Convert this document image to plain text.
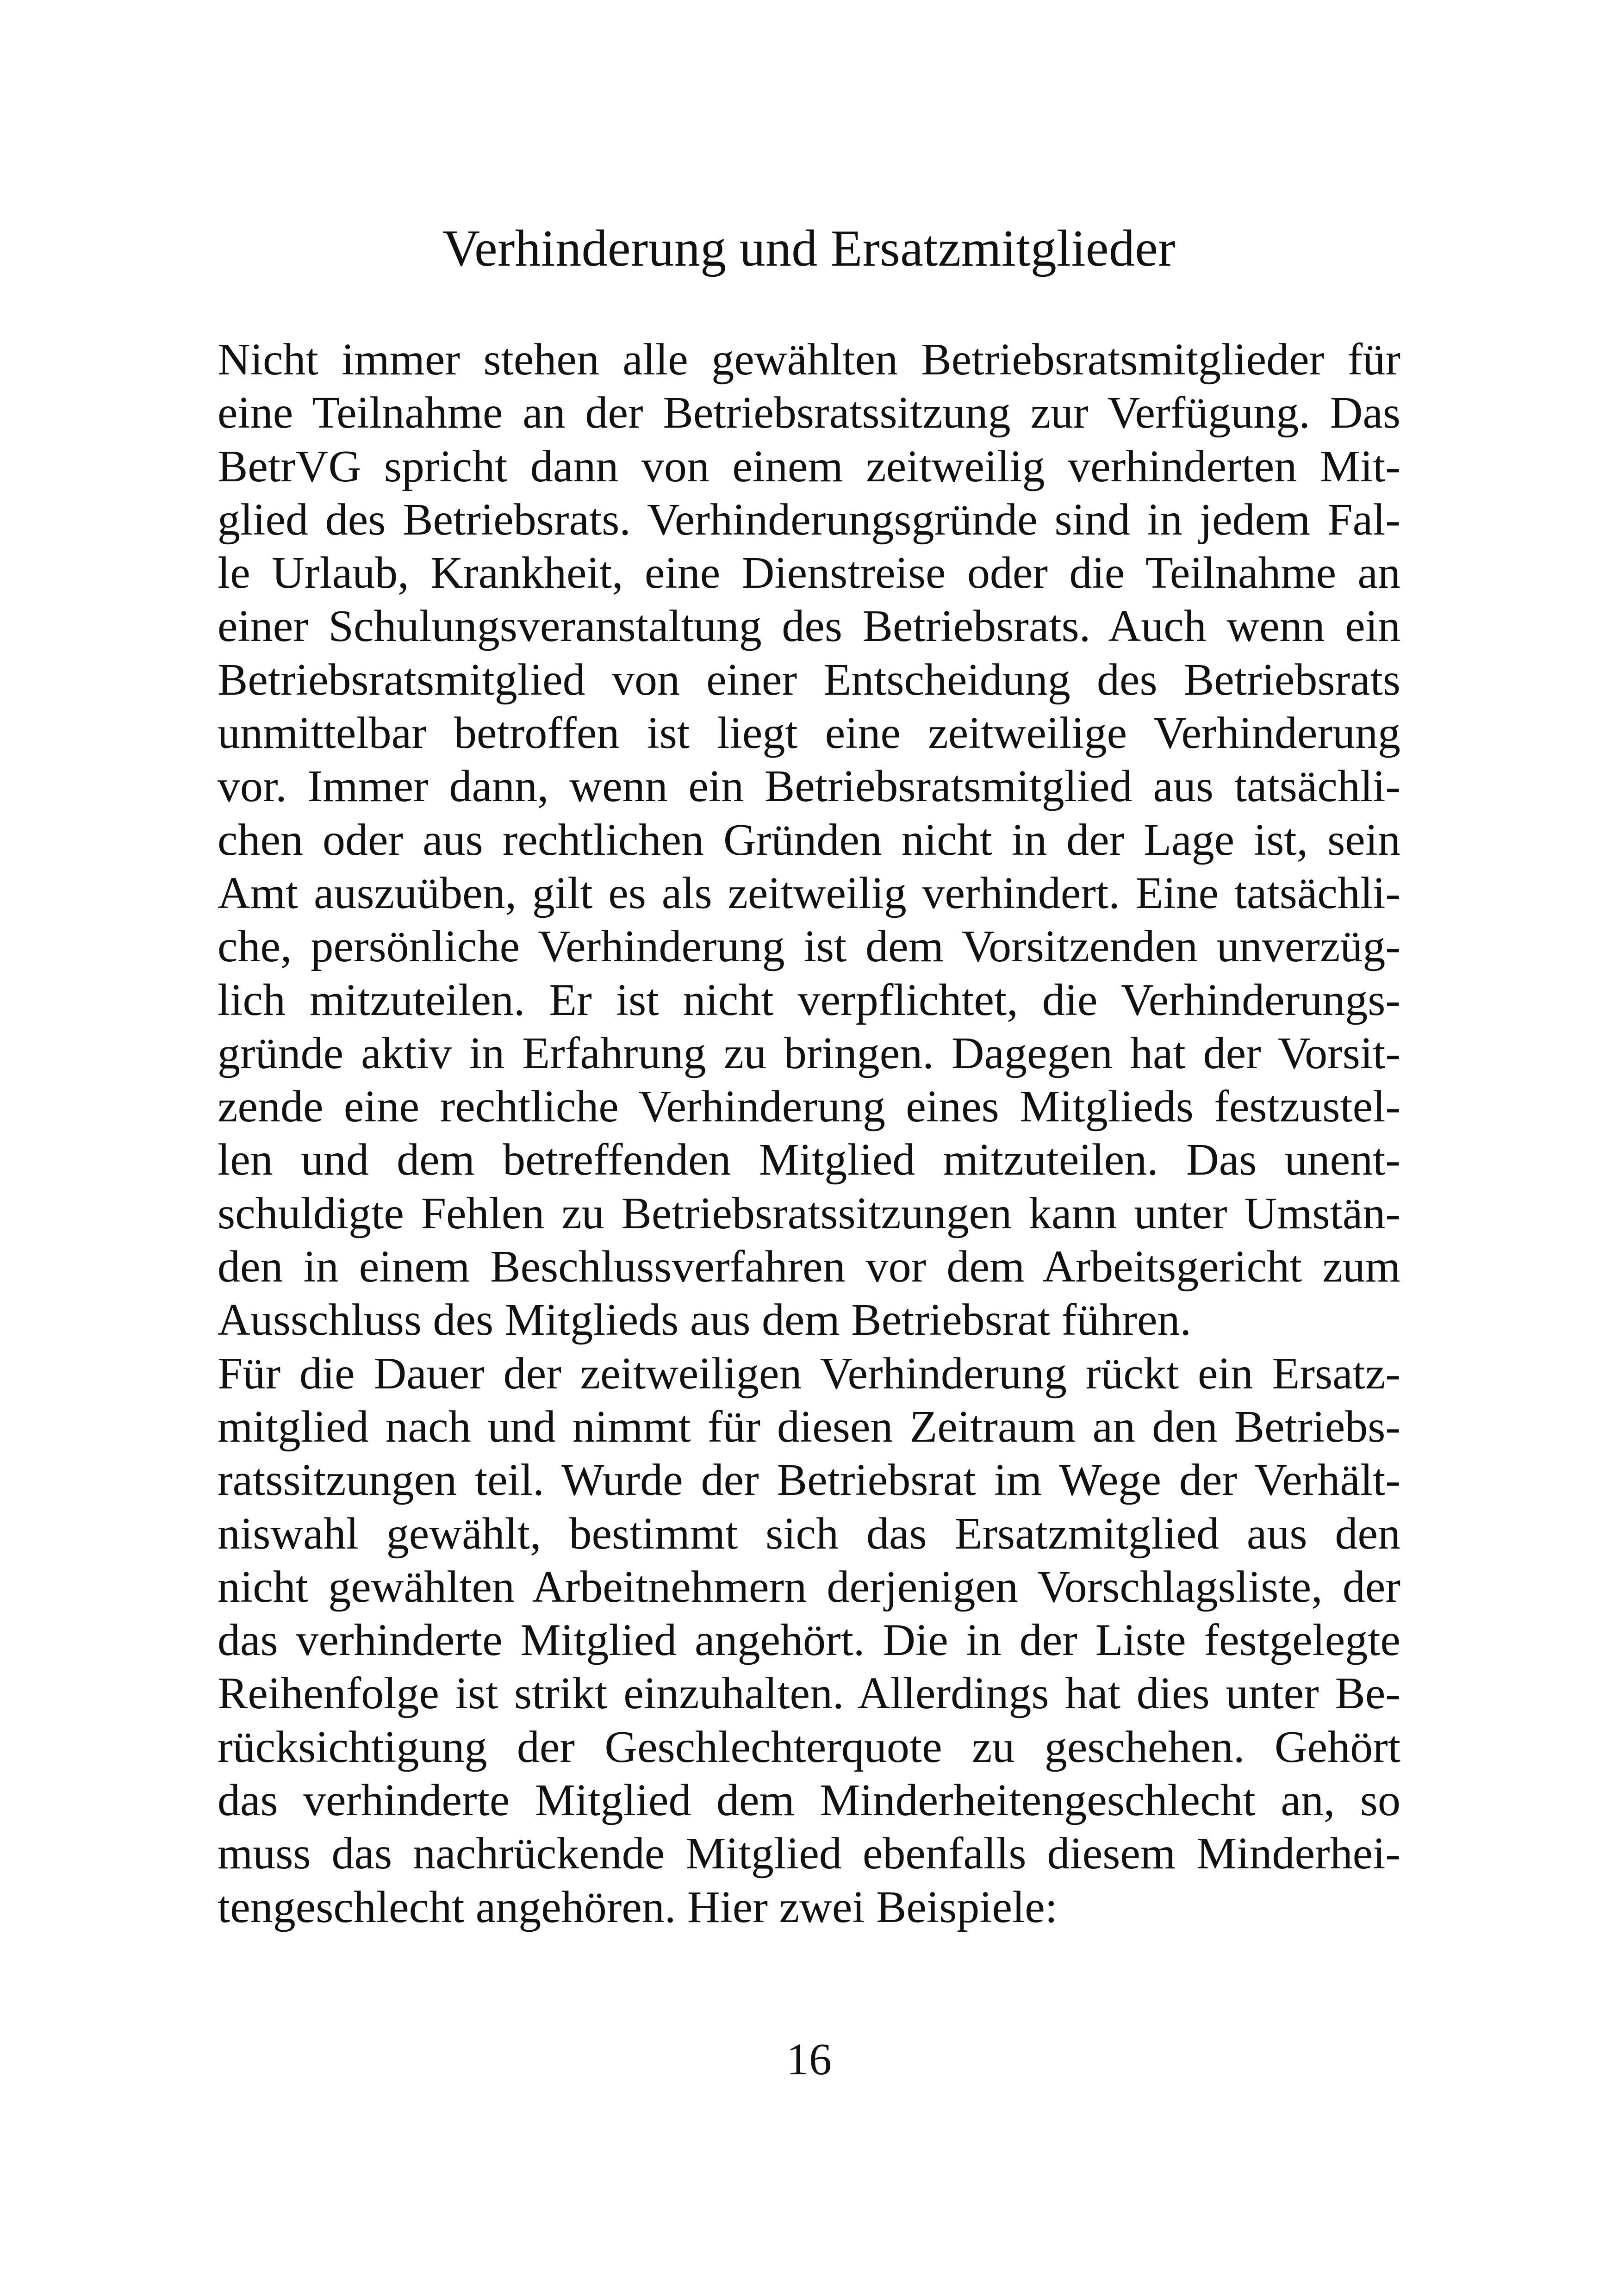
Verhinderung und Ersatzmitglieder
Nicht immer stehen alle gewählten Betriebsratsmitglieder für
eine Teilnahme an der Betriebsratssitzung zur Verfügung. Das
BetrVG spricht dann von einem zeitweilig verhinderten Mit-
glied des Betriebsrats. Verhinderungsgründe sind in jedem Fal-
le Urlaub, Krankheit, eine Dienstreise oder die Teilnahme an
einer Schulungsveranstaltung des Betriebsrats. Auch wenn ein
Betriebsratsmitglied von einer Entscheidung des Betriebsrats
unmittelbar betroffen ist liegt eine zeitweilige Verhinderung
vor. Immer dann, wenn ein Betriebsratsmitglied aus tatsächli-
chen oder aus rechtlichen Gründen nicht in der Lage ist, sein
Amt auszuüben, gilt es als zeitweilig verhindert. Eine tatsächli-
che, persönliche Verhinderung ist dem Vorsitzenden unverzüg-
lich mitzuteilen. Er ist nicht verpflichtet, die Verhinderungs-
gründe aktiv in Erfahrung zu bringen. Dagegen hat der Vorsit-
zende eine rechtliche Verhinderung eines Mitglieds festzustel-
len und dem betreffenden Mitglied mitzuteilen. Das unent-
schuldigte Fehlen zu Betriebsratssitzungen kann unter Umstän-
den in einem Beschlussverfahren vor dem Arbeitsgericht zum
Ausschluss des Mitglieds aus dem Betriebsrat führen.
Für die Dauer der zeitweiligen Verhinderung rückt ein Ersatz-
mitglied nach und nimmt für diesen Zeitraum an den Betriebs-
ratssitzungen teil. Wurde der Betriebsrat im Wege der Verhält-
niswahl gewählt, bestimmt sich das Ersatzmitglied aus den
nicht gewählten Arbeitnehmern derjenigen Vorschlagsliste, der
das verhinderte Mitglied angehört. Die in der Liste festgelegte
Reihenfolge ist strikt einzuhalten. Allerdings hat dies unter Be-
rücksichtigung der Geschlechterquote zu geschehen. Gehört
das verhinderte Mitglied dem Minderheitengeschlecht an, so
muss das nachrückende Mitglied ebenfalls diesem Minderhei-
tengeschlecht angehören. Hier zwei Beispiele:
16
